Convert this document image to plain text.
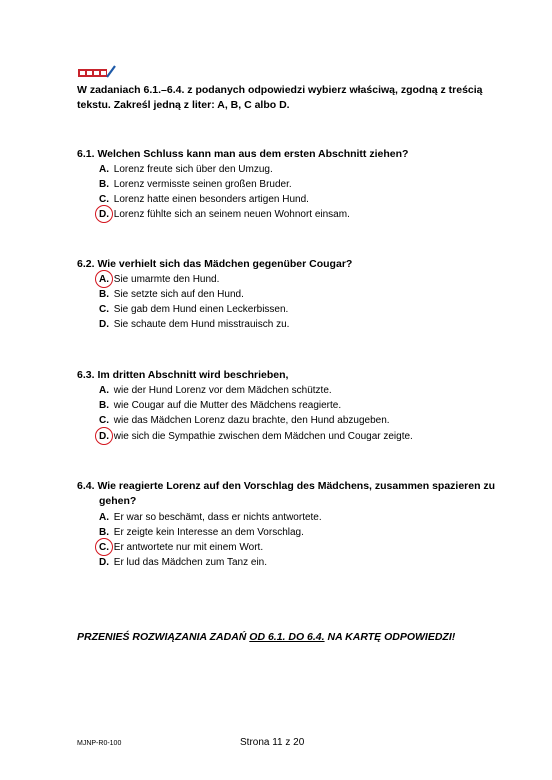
W zadaniach 6.1.–6.4. z podanych odpowiedzi wybierz właściwą, zgodną z treścią
tekstu. Zakreśl jedną z liter: A, B, C albo D.
6.1. Welchen Schluss kann man aus dem ersten Abschnitt ziehen?
A. Lorenz freute sich über den Umzug.
B. Lorenz vermisste seinen großen Bruder.
C. Lorenz hatte einen besonders artigen Hund.
D. Lorenz fühlte sich an seinem neuen Wohnort einsam.
6.2. Wie verhielt sich das Mädchen gegenüber Cougar?
A. Sie umarmte den Hund.
B. Sie setzte sich auf den Hund.
C. Sie gab dem Hund einen Leckerbissen.
D. Sie schaute dem Hund misstrauisch zu.
6.3. Im dritten Abschnitt wird beschrieben,
A. wie der Hund Lorenz vor dem Mädchen schützte.
B. wie Cougar auf die Mutter des Mädchens reagierte.
C. wie das Mädchen Lorenz dazu brachte, den Hund abzugeben.
D. wie sich die Sympathie zwischen dem Mädchen und Cougar zeigte.
6.4. Wie reagierte Lorenz auf den Vorschlag des Mädchens, zusammen spazieren zu
gehen?
A. Er war so beschämt, dass er nichts antwortete.
B. Er zeigte kein Interesse an dem Vorschlag.
C. Er antwortete nur mit einem Wort.
D. Er lud das Mädchen zum Tanz ein.
PRZENIEŚ ROZWIĄZANIA ZADAŃ OD 6.1. DO 6.4. NA KARTĘ ODPOWIEDZI!
MJNP-R0-100	Strona 11 z 20
